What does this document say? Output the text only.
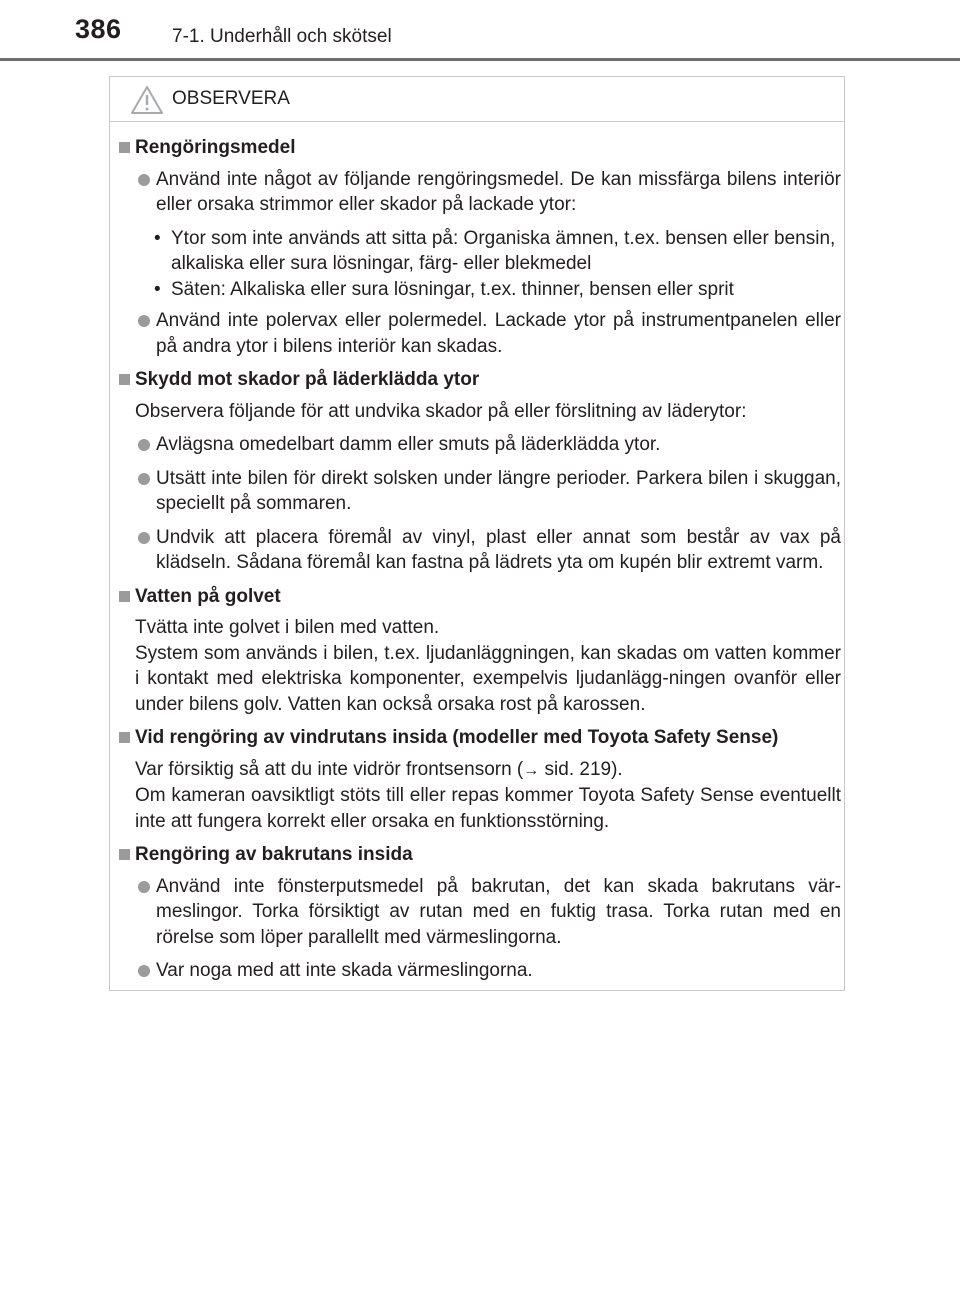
386	7-1. Underhåll och skötsel
OBSERVERA
Rengöringsmedel
Använd inte något av följande rengöringsmedel. De kan missfärga bilens interiör eller orsaka strimmor eller skador på lackade ytor:
• Ytor som inte används att sitta på: Organiska ämnen, t.ex. bensen eller bensin, alkaliska eller sura lösningar, färg- eller blekmedel
• Säten: Alkaliska eller sura lösningar, t.ex. thinner, bensen eller sprit
Använd inte polervax eller polermedel. Lackade ytor på instrumentpanelen eller på andra ytor i bilens interiör kan skadas.
Skydd mot skador på läderklädda ytor
Observera följande för att undvika skador på eller förslitning av läderytor:
Avlägsna omedelbart damm eller smuts på läderklädda ytor.
Utsätt inte bilen för direkt solsken under längre perioder. Parkera bilen i skuggan, speciellt på sommaren.
Undvik att placera föremål av vinyl, plast eller annat som består av vax på klädseln. Sådana föremål kan fastna på lädrets yta om kupén blir extremt varm.
Vatten på golvet
Tvätta inte golvet i bilen med vatten.
System som används i bilen, t.ex. ljudanläggningen, kan skadas om vatten kommer i kontakt med elektriska komponenter, exempelvis ljudanlägg-ningen ovanför eller under bilens golv. Vatten kan också orsaka rost på karossen.
Vid rengöring av vindrutans insida (modeller med Toyota Safety Sense)
Var försiktig så att du inte vidrör frontsensorn (→ sid. 219).
Om kameran oavsiktligt stöts till eller repas kommer Toyota Safety Sense eventuellt inte att fungera korrekt eller orsaka en funktionsstörning.
Rengöring av bakrutans insida
Använd inte fönsterputsmedel på bakrutan, det kan skada bakrutans vär-meslingor. Torka försiktigt av rutan med en fuktig trasa. Torka rutan med en rörelse som löper parallellt med värmeslingorna.
Var noga med att inte skada värmeslingorna.
